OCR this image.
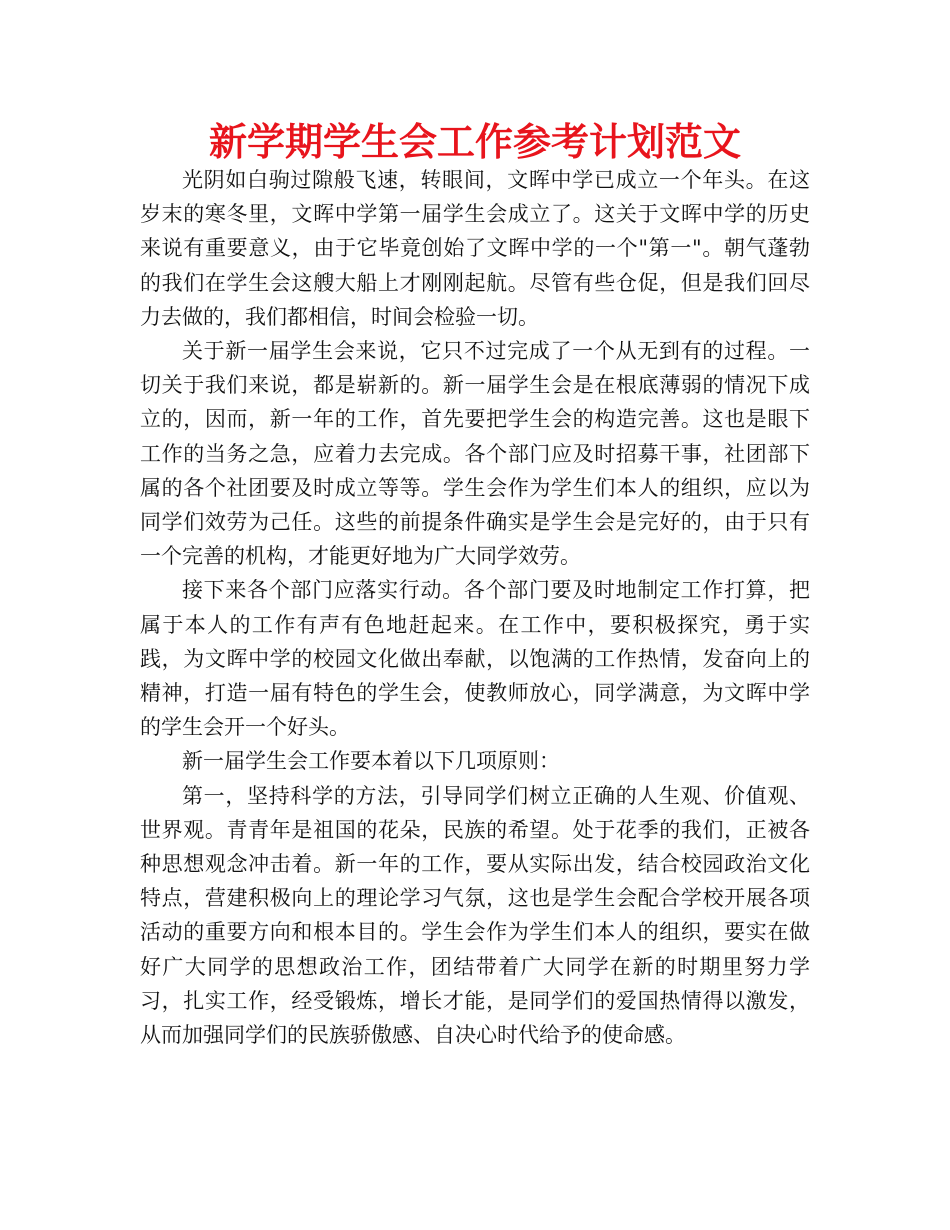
新学期学生会工作参考计划范文

光阴如白驹过隙般飞速，转眼间，文晖中学已成立一个年头。在这岁末的寒冬里，文晖中学第一届学生会成立了。这关于文晖中学的历史来说有重要意义，由于它毕竟创始了文晖中学的一个"第一"。朝气蓬勃的我们在学生会这艘大船上才刚刚起航。尽管有些仓促，但是我们回尽力去做的，我们都相信，时间会检验一切。

关于新一届学生会来说，它只不过完成了一个从无到有的过程。一切关于我们来说，都是崭新的。新一届学生会是在根底薄弱的情况下成立的，因而，新一年的工作，首先要把学生会的构造完善。这也是眼下工作的当务之急，应着力去完成。各个部门应及时招募干事，社团部下属的各个社团要及时成立等等。学生会作为学生们本人的组织，应以为同学们效劳为己任。这些的前提条件确实是学生会是完好的，由于只有一个完善的机构，才能更好地为广大同学效劳。

接下来各个部门应落实行动。各个部门要及时地制定工作打算，把属于本人的工作有声有色地赶起来。在工作中，要积极探究，勇于实践，为文晖中学的校园文化做出奉献，以饱满的工作热情，发奋向上的精神，打造一届有特色的学生会，使教师放心，同学满意，为文晖中学的学生会开一个好头。

新一届学生会工作要本着以下几项原则：

第一，坚持科学的方法，引导同学们树立正确的人生观、价值观、世界观。青青年是祖国的花朵，民族的希望。处于花季的我们，正被各种思想观念冲击着。新一年的工作，要从实际出发，结合校园政治文化特点，营建积极向上的理论学习气氛，这也是学生会配合学校开展各项活动的重要方向和根本目的。学生会作为学生们本人的组织，要实在做好广大同学的思想政治工作，团结带着广大同学在新的时期里努力学习，扎实工作，经受锻炼，增长才能，是同学们的爱国热情得以激发，从而加强同学们的民族骄傲感、自决心时代给予的使命感。
